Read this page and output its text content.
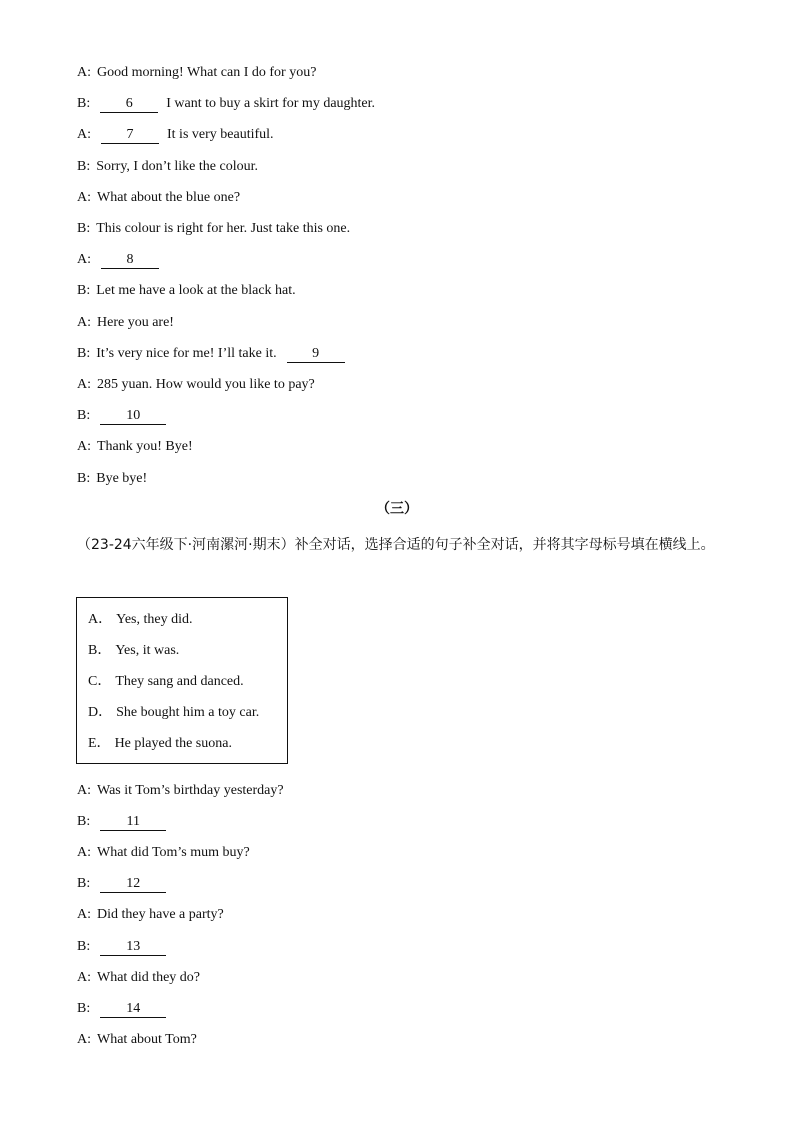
A: Good morning! What can I do for you?
B:	6 I want to buy a skirt for my daughter.
A:	7 It is very beautiful.
B: Sorry, I don’t like the colour.
A: What about the blue one?
B: This colour is right for her. Just take this one.
A:	8
B: Let me have a look at the black hat.
A: Here you are!
B: It’s very nice for me! I’ll take it.	9
A: 285 yuan. How would you like to pay?
B:	10
A: Thank you! Bye!
B: Bye bye!
（三）
（23-24六年级下·河南漯河·期末）补全对话，选择合适的句子补全对话，并将其字母标号填在横线上。
A． Yes, they did.
B． Yes, it was.
C． They sang and danced.
D． She bought him a toy car.
E． He played the suona.
A: Was it Tom’s birthday yesterday?
B:	11
A: What did Tom’s mum buy?
B:	12
A: Did they have a party?
B:	13
A: What did they do?
B:	14
A: What about Tom?
